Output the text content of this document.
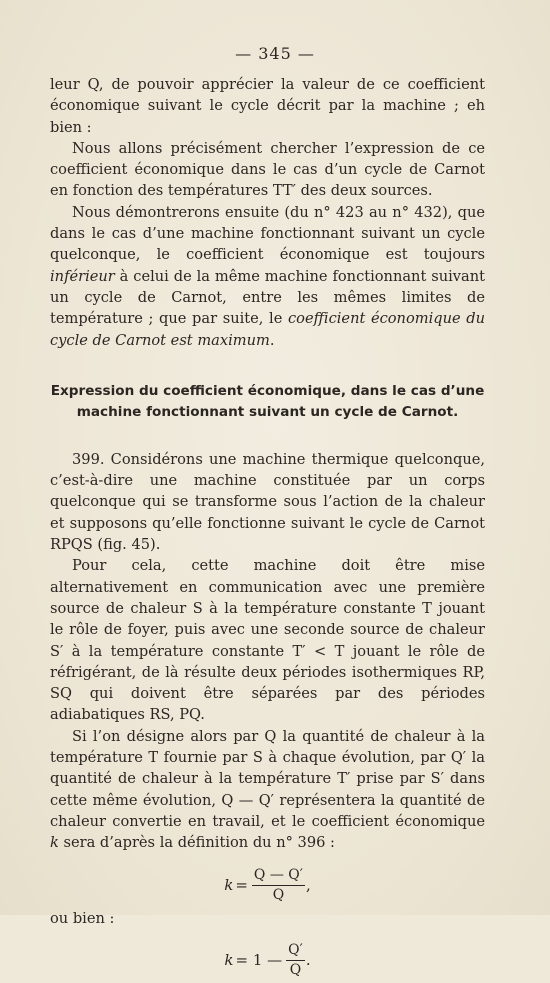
— 345 —

leur Q, de pouvoir apprécier la valeur de ce coefficient économique suivant le cycle décrit par la machine ; eh bien :

Nous allons précisément chercher l’expression de ce coefficient économique dans le cas d’un cycle de Carnot en fonction des températures TT′ des deux sources.

Nous démontrerons ensuite (du n° 423 au n° 432), que dans le cas d’une machine fonctionnant suivant un cycle quelconque, le coefficient économique est toujours inférieur à celui de la même machine fonctionnant suivant un cycle de Carnot, entre les mêmes limites de température ; que par suite, le coefficient économique du cycle de Carnot est maximum.

Expression du coefficient économique, dans le cas d’une machine fonctionnant suivant un cycle de Carnot.

399. Considérons une machine thermique quelconque, c’est-à-dire une machine constituée par un corps quelconque qui se transforme sous l’action de la chaleur et supposons qu’elle fonctionne suivant le cycle de Carnot RPQS (fig. 45).

Pour cela, cette machine doit être mise alternativement en communication avec une première source de chaleur S à la température constante T jouant le rôle de foyer, puis avec une seconde source de chaleur S′ à la température constante T′ < T jouant le rôle de réfrigérant, de là résulte deux périodes isothermiques RP, SQ qui doivent être séparées par des périodes adiabatiques RS, PQ.

Si l’on désigne alors par Q la quantité de chaleur à la température T fournie par S à chaque évolution, par Q′ la quantité de chaleur à la température T′ prise par S′ dans cette même évolution, Q — Q′ représentera la quantité de chaleur convertie en travail, et le coefficient économique k sera d’après la définition du n° 396 :

$k = \frac{Q — Q'}{Q}$ ,

ou bien :

k = 1 — $\frac{Q'}{Q}$ .
